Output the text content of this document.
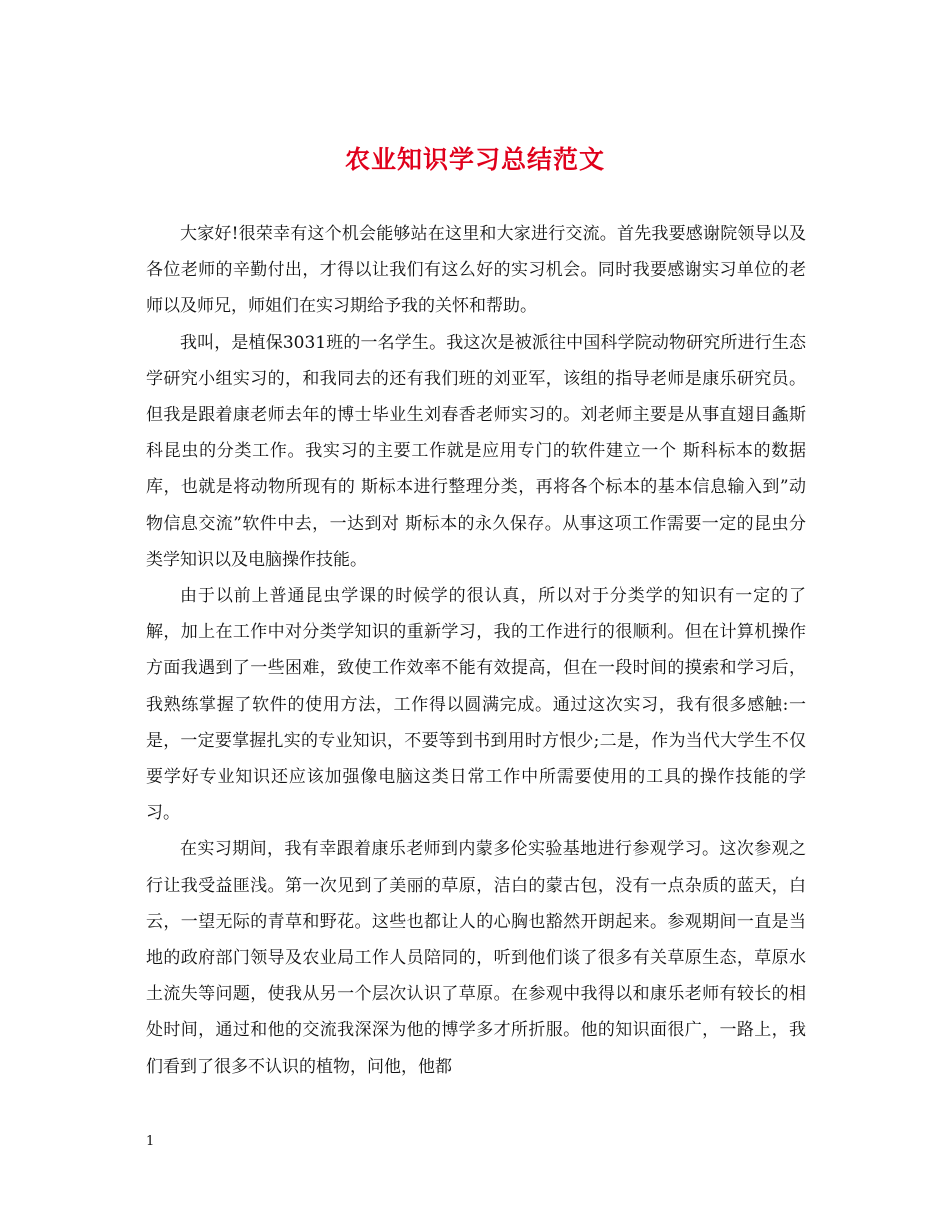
农业知识学习总结范文

大家好!很荣幸有这个机会能够站在这里和大家进行交流。首先我要感谢院领导以及各位老师的辛勤付出，才得以让我们有这么好的实习机会。同时我要感谢实习单位的老师以及师兄，师姐们在实习期给予我的关怀和帮助。

我叫，是植保3031班的一名学生。我这次是被派往中国科学院动物研究所进行生态学研究小组实习的，和我同去的还有我们班的刘亚军，该组的指导老师是康乐研究员。但我是跟着康老师去年的博士毕业生刘春香老师实习的。刘老师主要是从事直翅目螽斯科昆虫的分类工作。我实习的主要工作就是应用专门的软件建立一个 斯科标本的数据库，也就是将动物所现有的 斯标本进行整理分类，再将各个标本的基本信息输入到”动物信息交流”软件中去，一达到对 斯标本的永久保存。从事这项工作需要一定的昆虫分类学知识以及电脑操作技能。

由于以前上普通昆虫学课的时候学的很认真，所以对于分类学的知识有一定的了解，加上在工作中对分类学知识的重新学习，我的工作进行的很顺利。但在计算机操作方面我遇到了一些困难，致使工作效率不能有效提高，但在一段时间的摸索和学习后，我熟练掌握了软件的使用方法，工作得以圆满完成。通过这次实习，我有很多感触:一是，一定要掌握扎实的专业知识，不要等到书到用时方恨少;二是，作为当代大学生不仅要学好专业知识还应该加强像电脑这类日常工作中所需要使用的工具的操作技能的学习。

在实习期间，我有幸跟着康乐老师到内蒙多伦实验基地进行参观学习。这次参观之行让我受益匪浅。第一次见到了美丽的草原，洁白的蒙古包，没有一点杂质的蓝天，白云，一望无际的青草和野花。这些也都让人的心胸也豁然开朗起来。参观期间一直是当地的政府部门领导及农业局工作人员陪同的，听到他们谈了很多有关草原生态，草原水土流失等问题，使我从另一个层次认识了草原。在参观中我得以和康乐老师有较长的相处时间，通过和他的交流我深深为他的博学多才所折服。他的知识面很广，一路上，我们看到了很多不认识的植物，问他，他都

1
